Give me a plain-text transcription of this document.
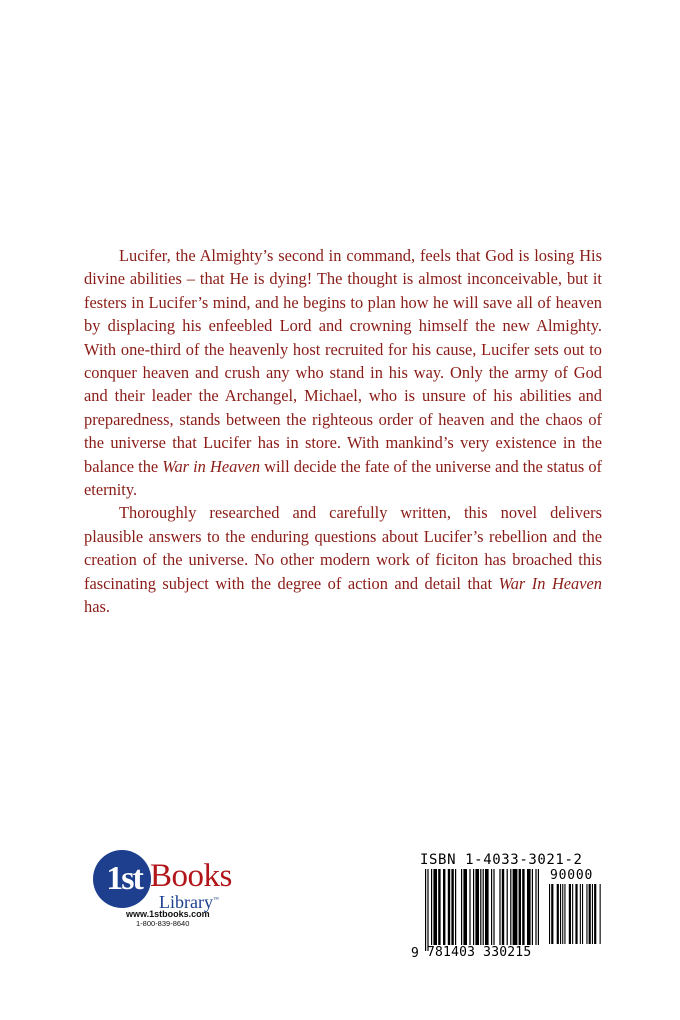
Lucifer, the Almighty’s second in command, feels that God is losing His divine abilities – that He is dying! The thought is almost inconceivable, but it festers in Lucifer’s mind, and he begins to plan how he will save all of heaven by displacing his enfeebled Lord and crowning himself the new Almighty. With one-third of the heavenly host recruited for his cause, Lucifer sets out to conquer heaven and crush any who stand in his way. Only the army of God and their leader the Archangel, Michael, who is unsure of his abilities and preparedness, stands between the righteous order of heaven and the chaos of the universe that Lucifer has in store. With mankind’s very existence in the balance the War in Heaven will decide the fate of the universe and the status of eternity.

Thoroughly researched and carefully written, this novel delivers plausible answers to the enduring questions about Lucifer’s rebellion and the creation of the universe. No other modern work of ficiton has broached this fascinating subject with the degree of action and detail that War In Heaven has.

1st Books
Library™
www.1stbooks.com
1-800-839-8640
ISBN 1-4033-3021-2
90000
9 781403 330215
